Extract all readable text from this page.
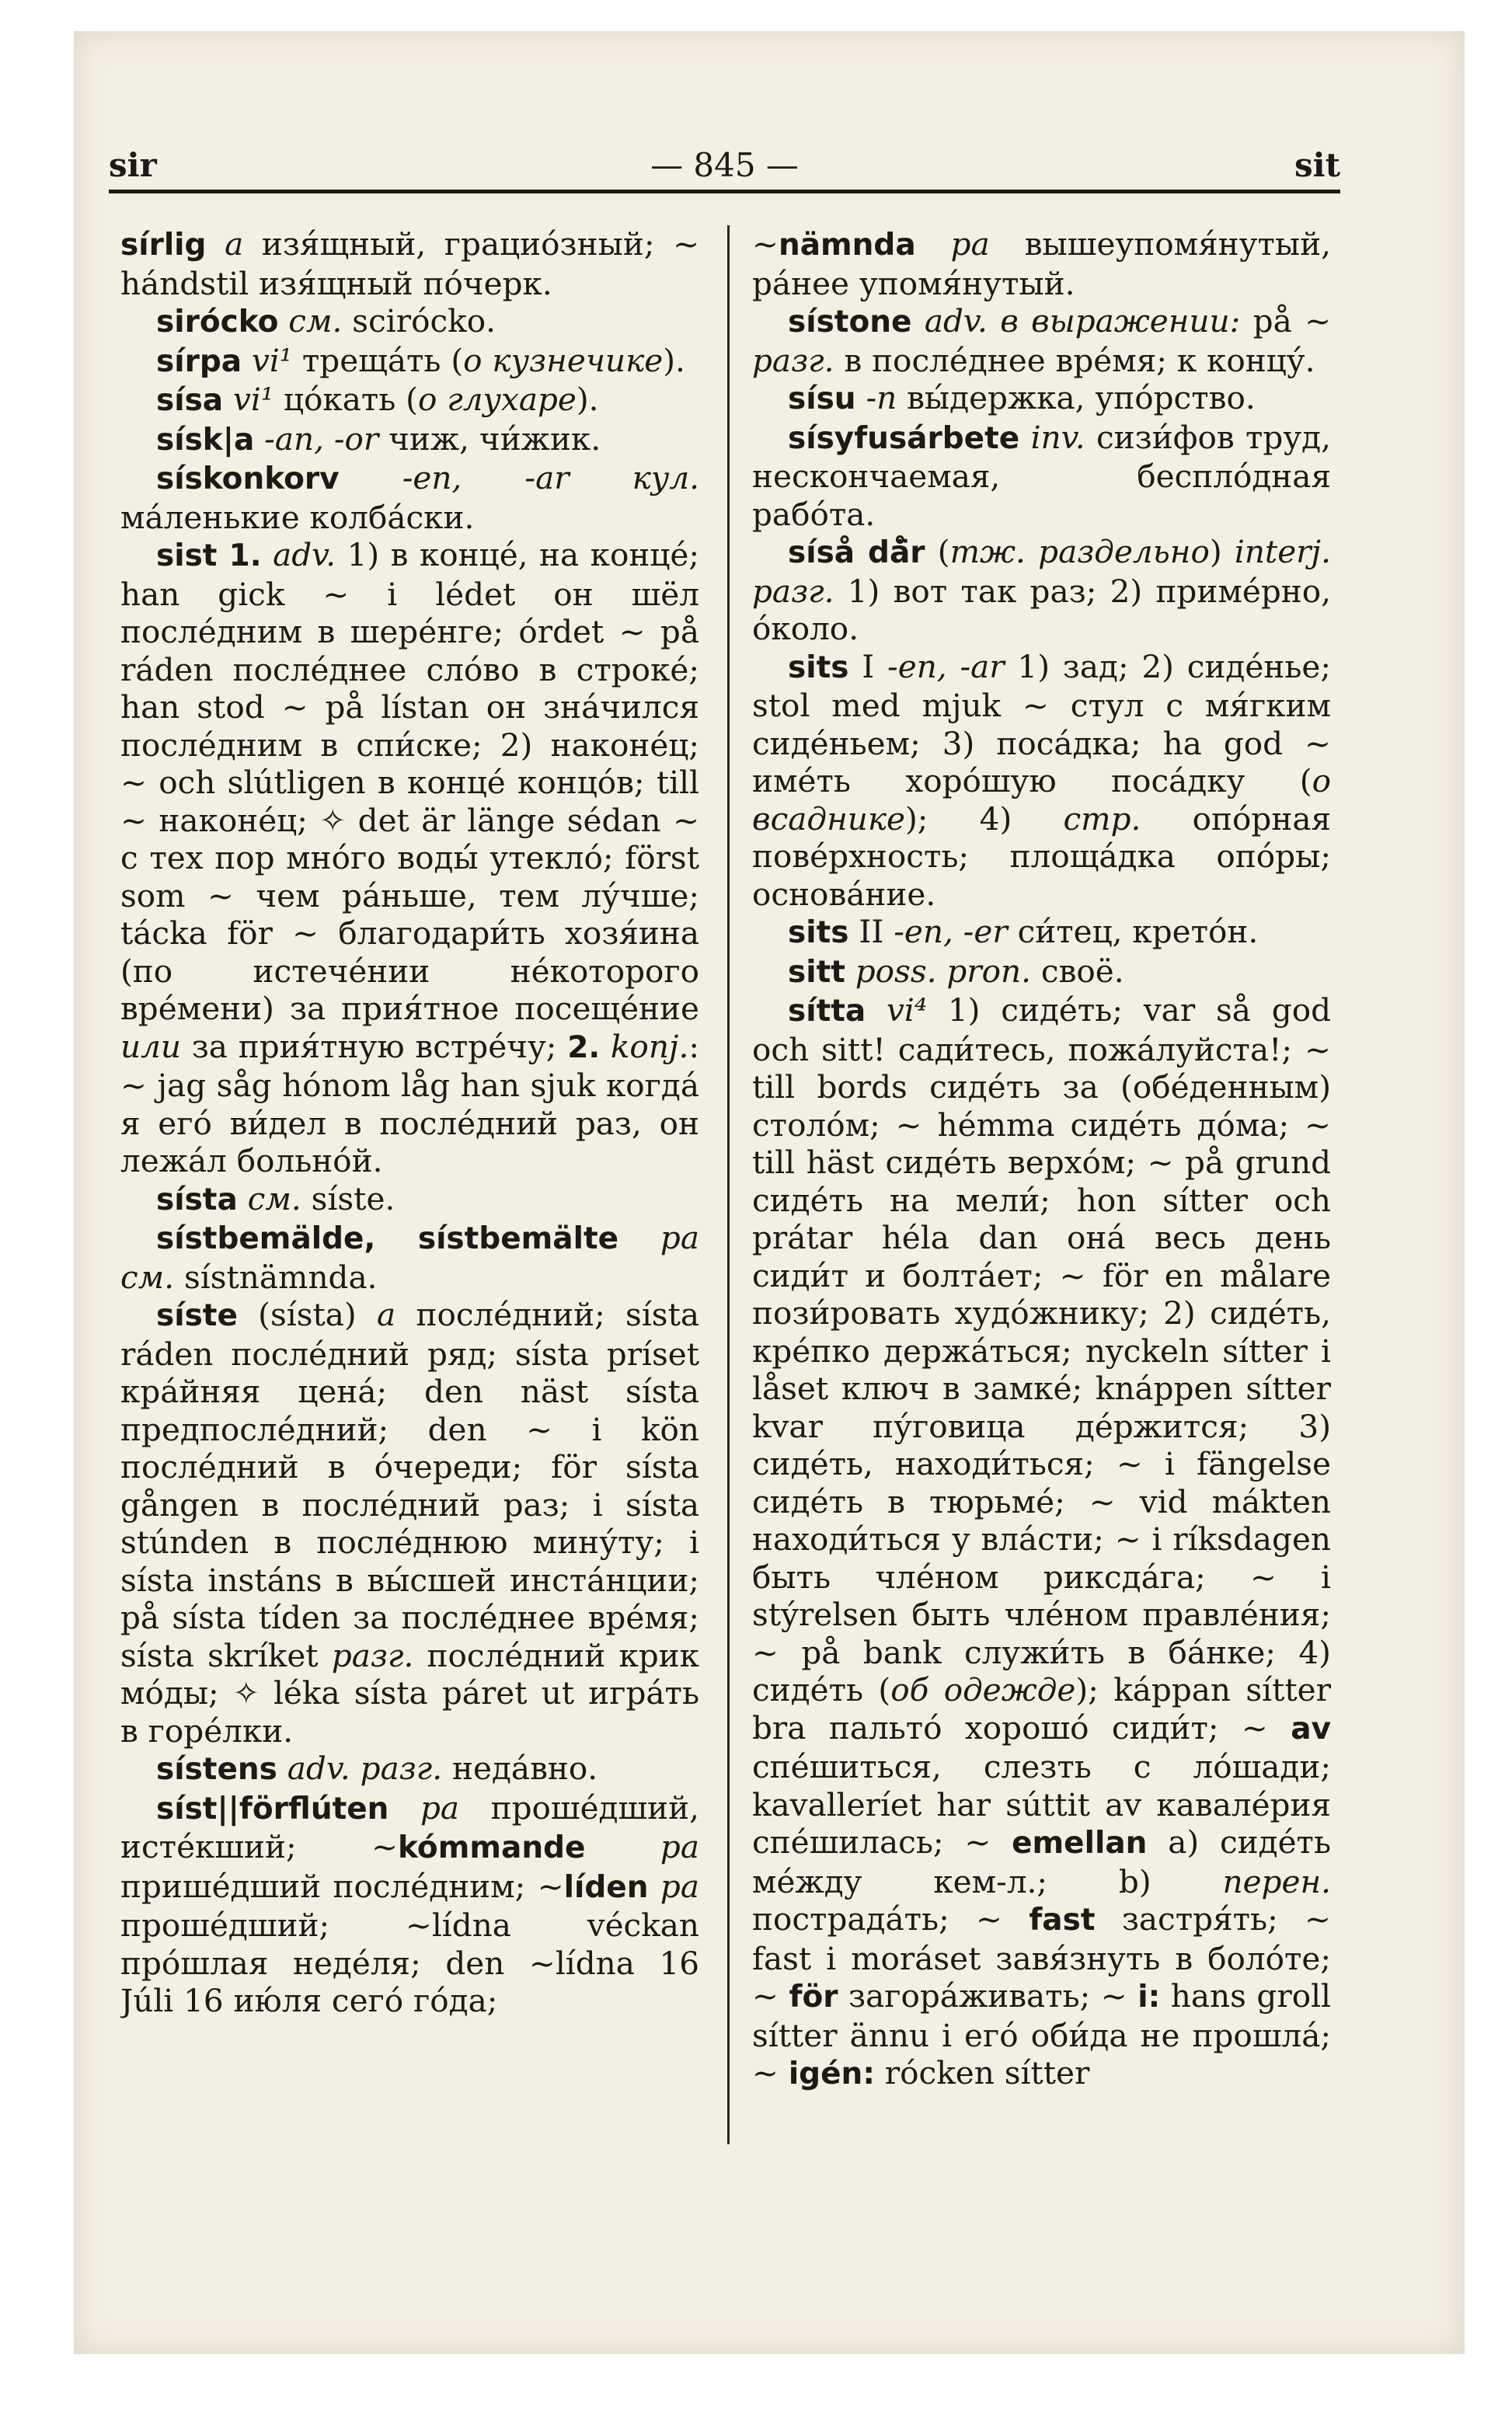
sir	— 845 —	sit

sírlig a изя́щный, грацио́зный; ~ hándstil изя́щный по́черк.

sirócko см. sciróckо.

sírpa vi¹ треща́ть (о кузнечике).

sísa vi¹ цо́кать (о глухаре).

sísk|a -an, -or чиж, чи́жик.

sískonkorv -en, -ar кул. ма́ленькие колба́ски.

sist 1. adv. 1) в конце́, на конце́; han gick ~ i lédet он шёл после́дним в шере́нге; órdet ~ på ráden после́днее сло́во в строке́; han stod ~ på lístan он зна́чился после́дним в спи́ске; 2) наконе́ц; ~ och slútligen в конце́ концо́в; till ~ наконе́ц; ✧ det är länge sédan ~ с тех пор мно́го воды́ утекло́; först som ~ чем ра́ньше, тем лу́чше; tácka för ~ благодари́ть хозя́ина (по истече́нии не́которого вре́мени) за прия́тное посеще́ние или за прия́тную встре́чу; 2. konj.: ~ jag såg hónom låg han sjuk когда́ я его́ ви́дел в после́дний раз, он лежа́л больно́й.

sísta см. síste.

sístbemälde, sístbemälte pa см. sístnämnda.

síste (sísta) a после́дний; sísta ráden после́дний ряд; sísta príset кра́йняя цена́; den näst sísta предпосле́дний; den ~ i kön после́дний в о́череди; för sísta gången в после́дний раз; i sísta stúnden в после́днюю мину́ту; i sísta instáns в вы́сшей инста́нции; på sísta tíden за после́днее вре́мя; sísta skríket разг. после́дний крик мо́ды; ✧ léka sísta páret ut игра́ть в горе́лки.

sístens adv. разг. неда́вно.

síst||förflúten pa проше́дший, исте́кший; ~kómmande pa прише́дший после́дним; ~líden pa проше́дший; ~lídna véckan про́шлая неде́ля; den ~lídna 16 Júli 16 ию́ля сего́ го́да;

~nämnda pa вышеупомя́нутый, ра́нее упомя́нутый.

sístone adv. в выражении: på ~ разг. в после́днее вре́мя; к концу́.

sísu -n вы́держка, упо́рство.

sísyfusárbete inv. сизи́фов труд, нескончаемая, беспло́дная рабо́та.

síså då̈r (тж. раздельно) interj. разг. 1) вот так раз; 2) приме́рно, о́коло.

sits I -en, -ar 1) зад; 2) сиде́нье; stol med mjuk ~ стул с мя́гким сиде́ньем; 3) поса́дка; ha god ~ име́ть хоро́шую поса́дку (о всаднике); 4) стр. опо́рная пове́рхность; площа́дка опо́ры; основа́ние.

sits II -en, -er си́тец, крето́н.

sitt poss. pron. своё.

sítta vi⁴ 1) сиде́ть; var så god och sitt! сади́тесь, пожа́луйста!; ~ till bords сиде́ть за (обе́денным) столо́м; ~ hémma сиде́ть до́ма; ~ till häst сиде́ть верхо́м; ~ på grund сиде́ть на мели́; hon sítter och prátar héla dan она́ весь день сиди́т и болта́ет; ~ för en målare пози́ровать худо́жнику; 2) сиде́ть, кре́пко держа́ться; nyckeln sítter i låset ключ в замке́; knáppen sítter kvar пу́говица де́ржится; 3) сиде́ть, находи́ться; ~ i fängelse сиде́ть в тюрьме́; ~ vid mákten находи́ться у вла́сти; ~ i ríksdagen быть чле́ном риксда́га; ~ i stýrelsen быть чле́ном правле́ния; ~ på bank служи́ть в ба́нке; 4) сиде́ть (об одежде); káppan sítter bra пальто́ хорошо́ сиди́т; ~ av спе́шиться, слезть с ло́шади; kavalleríet har súttit av кавале́рия спе́шилась; ~ emellan a) сиде́ть ме́жду кем-л.; b) перен. пострада́ть; ~ fast застря́ть; ~ fast i moráset завя́знуть в боло́те; ~ för загора́живать; ~ i: hans groll sítter ännu i его́ оби́да не прошла́; ~ igén: rócken sítter
